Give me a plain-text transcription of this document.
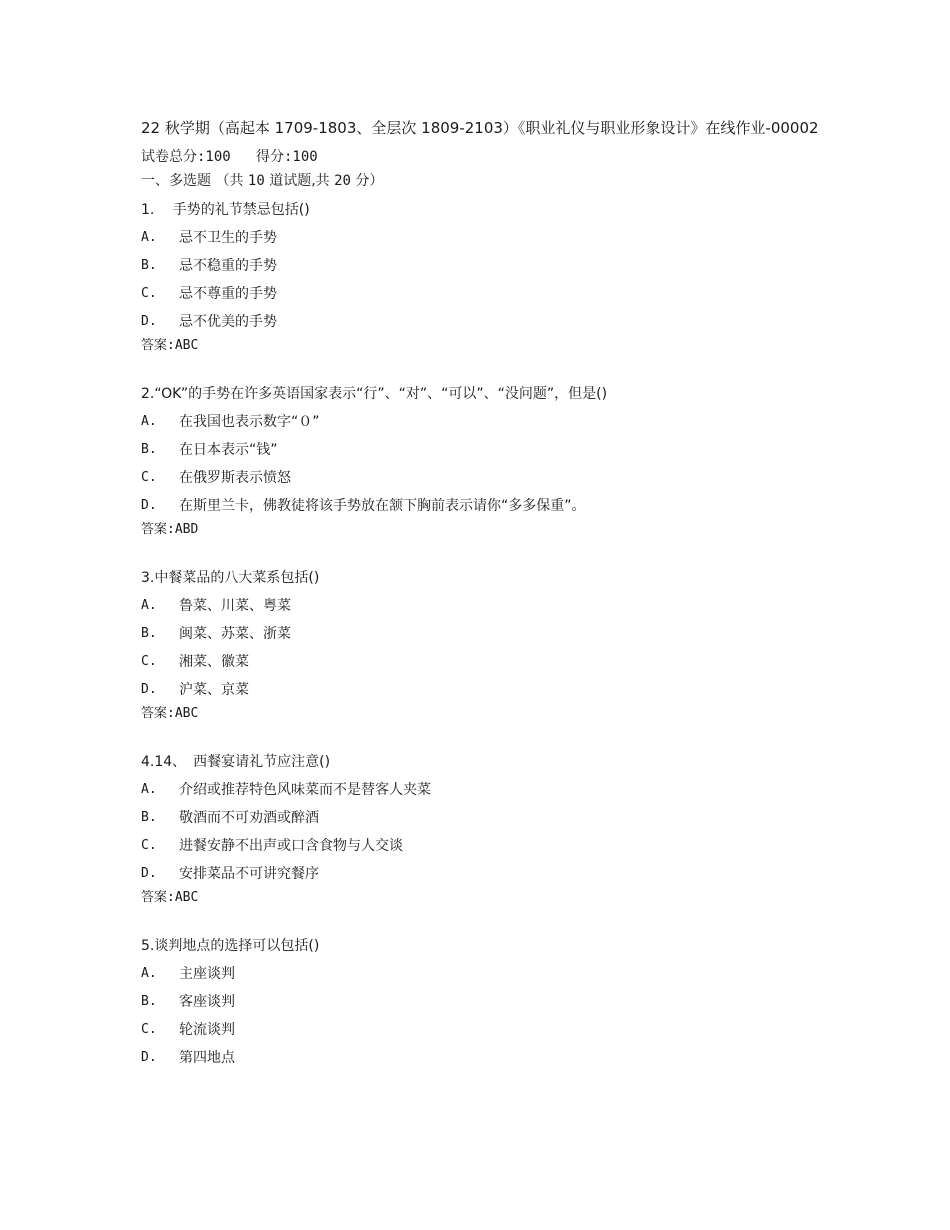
22 秋学期（高起本 1709-1803、全层次 1809-2103）《职业礼仪与职业形象设计》在线作业-00002
试卷总分:100   得分:100
一、多选题 （共 10 道试题,共 20 分）
1.　 手势的礼节禁忌包括()
A.	忌不卫生的手势
B.	忌不稳重的手势
C.	忌不尊重的手势
D.	忌不优美的手势
答案:ABC
2.“OK”的手势在许多英语国家表示“行”、“对”、“可以”、“没问题”，但是()
A.	在我国也表示数字“０”
B.	在日本表示“钱”
C.	在俄罗斯表示愤怒
D.	在斯里兰卡，佛教徒将该手势放在颔下胸前表示请你“多多保重”。
答案:ABD
3.中餐菜品的八大菜系包括()
A.	鲁菜、川菜、粤菜
B.	闽菜、苏菜、浙菜
C.	湘菜、徽菜
D.	沪菜、京菜
答案:ABC
4.14、　西餐宴请礼节应注意()
A.	介绍或推荐特色风味菜而不是替客人夹菜
B.	敬酒而不可劝酒或醉酒
C.	进餐安静不出声或口含食物与人交谈
D.	安排菜品不可讲究餐序
答案:ABC
5.谈判地点的选择可以包括()
A.	主座谈判
B.	客座谈判
C.	轮流谈判
D.	第四地点
